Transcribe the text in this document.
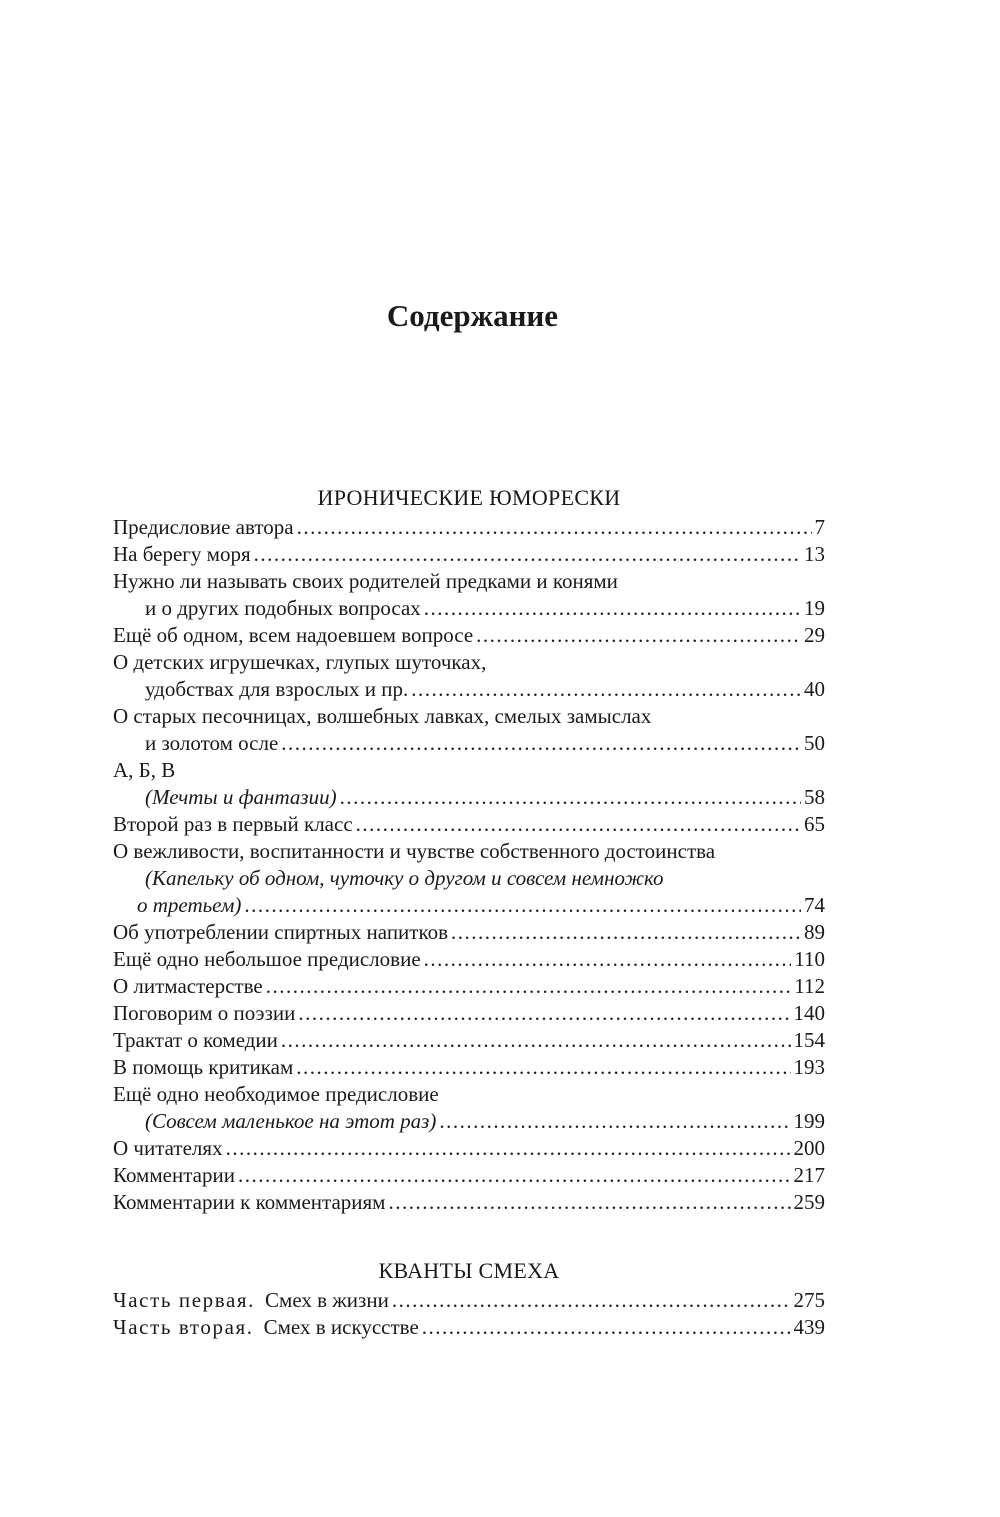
Содержание
ИРОНИЧЕСКИЕ ЮМОРЕСКИ
Предисловие автора .....	7
На берегу моря .....	13
Нужно ли называть своих родителей предками и конями
и о других подобных вопросах .....	19
Ещё об одном, всем надоевшем вопросе .....	29
О детских игрушечках, глупых шуточках,
удобствах для взрослых и пр. .....	40
О старых песочницах, волшебных лавках, смелых замыслах
и золотом осле .....	50
А, Б, В
(Мечты и фантазии) .....	58
Второй раз в первый класс .....	65
О вежливости, воспитанности и чувстве собственного достоинства
(Капельку об одном, чуточку о другом и совсем немножко
о третьем) .....	74
Об употреблении спиртных напитков .....	89
Ещё одно небольшое предисловие .....	110
О литмастерстве .....	112
Поговорим о поэзии .....	140
Трактат о комедии .....	154
В помощь критикам .....	193
Ещё одно необходимое предисловие
(Совсем маленькое на этот раз) .....	199
О читателях .....	200
Комментарии .....	217
Комментарии к комментариям .....	259
КВАНТЫ СМЕХА
Часть первая. Смех в жизни .....	275
Часть вторая. Смех в искусстве .....	439
